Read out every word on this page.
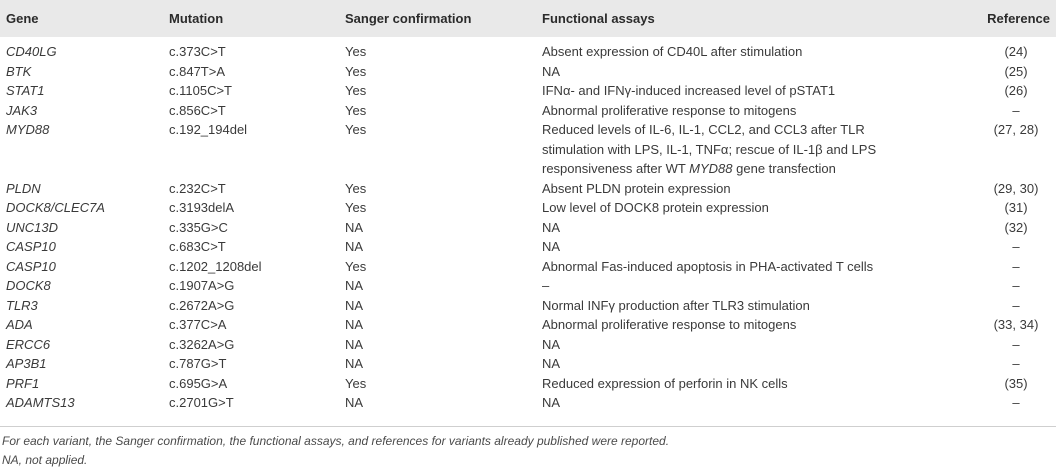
Gene	Mutation	Sanger confirmation	Functional assays	Reference
CD40LG	c.373C>T	Yes	Absent expression of CD40L after stimulation	(24)
BTK	c.847T>A	Yes	NA	(25)
STAT1	c.1105C>T	Yes	IFNα- and IFNγ-induced increased level of pSTAT1	(26)
JAK3	c.856C>T	Yes	Abnormal proliferative response to mitogens	–
MYD88	c.192_194del	Yes	Reduced levels of IL-6, IL-1, CCL2, and CCL3 after TLR
stimulation with LPS, IL-1, TNFα; rescue of IL-1β and LPS
responsiveness after WT MYD88 gene transfection	(27, 28)
PLDN	c.232C>T	Yes	Absent PLDN protein expression	(29, 30)
DOCK8/CLEC7A	c.3193delA	Yes	Low level of DOCK8 protein expression	(31)
UNC13D	c.335G>C	NA	NA	(32)
CASP10	c.683C>T	NA	NA	–
CASP10	c.1202_1208del	Yes	Abnormal Fas-induced apoptosis in PHA-activated T cells	–
DOCK8	c.1907A>G	NA	–	–
TLR3	c.2672A>G	NA	Normal INFγ production after TLR3 stimulation	–
ADA	c.377C>A	NA	Abnormal proliferative response to mitogens	(33, 34)
ERCC6	c.3262A>G	NA	NA	–
AP3B1	c.787G>T	NA	NA	–
PRF1	c.695G>A	Yes	Reduced expression of perforin in NK cells	(35)
ADAMTS13	c.2701G>T	NA	NA	–
For each variant, the Sanger confirmation, the functional assays, and references for variants already published were reported.
NA, not applied.
